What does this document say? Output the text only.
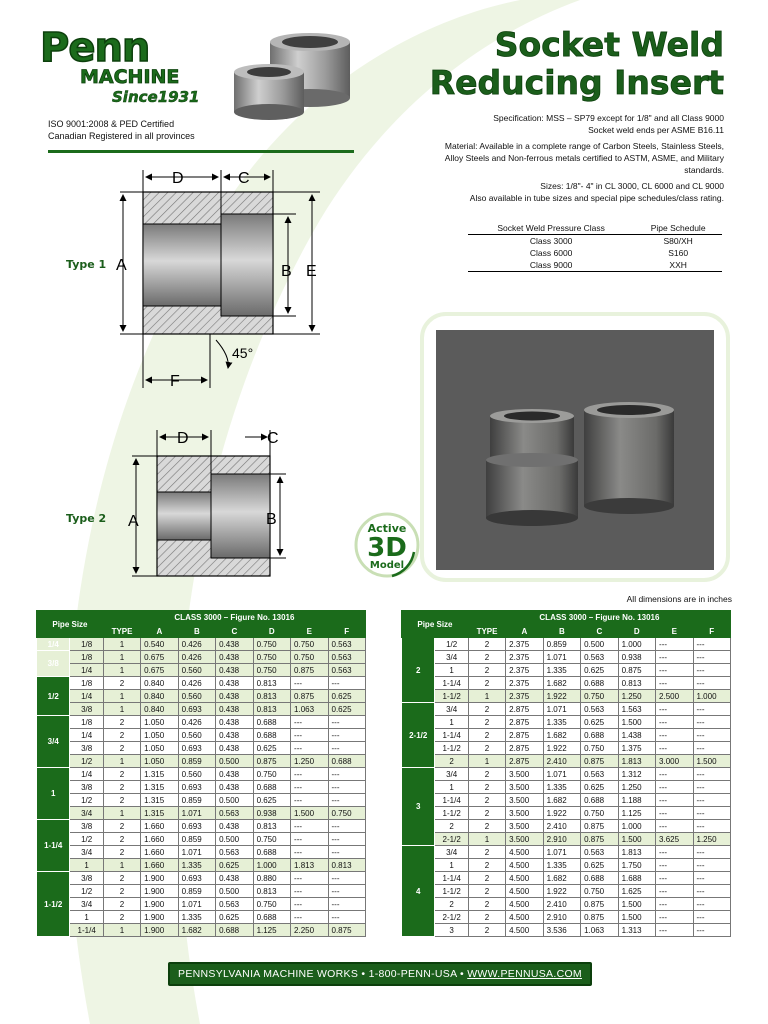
Penn
MACHINE
Since1931
ISO 9001:2008 & PED Certified
Canadian Registered in all provinces
Socket Weld
Reducing Insert

Specification: MSS – SP79 except for 1/8" and all Class 9000
Socket weld ends per ASME B16.11

Material: Available in a complete range of Carbon Steels, Stainless Steels,
Alloy Steels and Non-ferrous metals certified to ASTM, ASME, and Military
standards.

Sizes: 1/8"- 4" in CL 3000, CL 6000 and CL 9000
Also available in tube sizes and special pipe schedules/class rating.

Socket Weld Pressure Class	Pipe Schedule
Class 3000	S80/XH
Class 6000	S160
Class 9000	XXH
D	C
A	B E
F
45°
D	C
A	B
Type 1
Type 2
Active
3D
Model
All dimensions are in inches
Pipe Size		CLASS 3000 – Figure No. 13016						
		TYPE	A	B	C	D	E	F
1/4	1/8	1	0.540	0.426	0.438	0.750	0.750	0.563
3/8	1/8	1	0.675	0.426	0.438	0.750	0.750	0.563
	1/4	1	0.675	0.560	0.438	0.750	0.875	0.563
1/2	1/8	2	0.840	0.426	0.438	0.813	---	---
	1/4	1	0.840	0.560	0.438	0.813	0.875	0.625
	3/8	1	0.840	0.693	0.438	0.813	1.063	0.625
3/4	1/8	2	1.050	0.426	0.438	0.688	---	---
	1/4	2	1.050	0.560	0.438	0.688	---	---
	3/8	2	1.050	0.693	0.438	0.625	---	---
	1/2	1	1.050	0.859	0.500	0.875	1.250	0.688
1	1/4	2	1.315	0.560	0.438	0.750	---	---
	3/8	2	1.315	0.693	0.438	0.688	---	---
	1/2	2	1.315	0.859	0.500	0.625	---	---
	3/4	1	1.315	1.071	0.563	0.938	1.500	0.750
1-1/4	3/8	2	1.660	0.693	0.438	0.813	---	---
	1/2	2	1.660	0.859	0.500	0.750	---	---
	3/4	2	1.660	1.071	0.563	0.688	---	---
	1	1	1.660	1.335	0.625	1.000	1.813	0.813
1-1/2	3/8	2	1.900	0.693	0.438	0.880	---	---
	1/2	2	1.900	0.859	0.500	0.813	---	---
	3/4	2	1.900	1.071	0.563	0.750	---	---
	1	2	1.900	1.335	0.625	0.688	---	---
	1-1/4	1	1.900	1.682	0.688	1.125	2.250	0.875
Pipe Size		CLASS 3000 – Figure No. 13016						
		TYPE	A	B	C	D	E	F
2	1/2	2	2.375	0.859	0.500	1.000	---	---
	3/4	2	2.375	1.071	0.563	0.938	---	---
	1	2	2.375	1.335	0.625	0.875	---	---
	1-1/4	2	2.375	1.682	0.688	0.813	---	---
	1-1/2	1	2.375	1.922	0.750	1.250	2.500	1.000
2-1/2	3/4	2	2.875	1.071	0.563	1.563	---	---
	1	2	2.875	1.335	0.625	1.500	---	---
	1-1/4	2	2.875	1.682	0.688	1.438	---	---
	1-1/2	2	2.875	1.922	0.750	1.375	---	---
	2	1	2.875	2.410	0.875	1.813	3.000	1.500
3	3/4	2	3.500	1.071	0.563	1.312	---	---
	1	2	3.500	1.335	0.625	1.250	---	---
	1-1/4	2	3.500	1.682	0.688	1.188	---	---
	1-1/2	2	3.500	1.922	0.750	1.125	---	---
	2	2	3.500	2.410	0.875	1.000	---	---
	2-1/2	1	3.500	2.910	0.875	1.500	3.625	1.250
4	3/4	2	4.500	1.071	0.563	1.813	---	---
	1	2	4.500	1.335	0.625	1.750	---	---
	1-1/4	2	4.500	1.682	0.688	1.688	---	---
	1-1/2	2	4.500	1.922	0.750	1.625	---	---
	2	2	4.500	2.410	0.875	1.500	---	---
	2-1/2	2	4.500	2.910	0.875	1.500	---	---
	3	2	4.500	3.536	1.063	1.313	---	---
PENNSYLVANIA MACHINE WORKS • 1-800-PENN-USA • WWW.PENNUSA.COM
